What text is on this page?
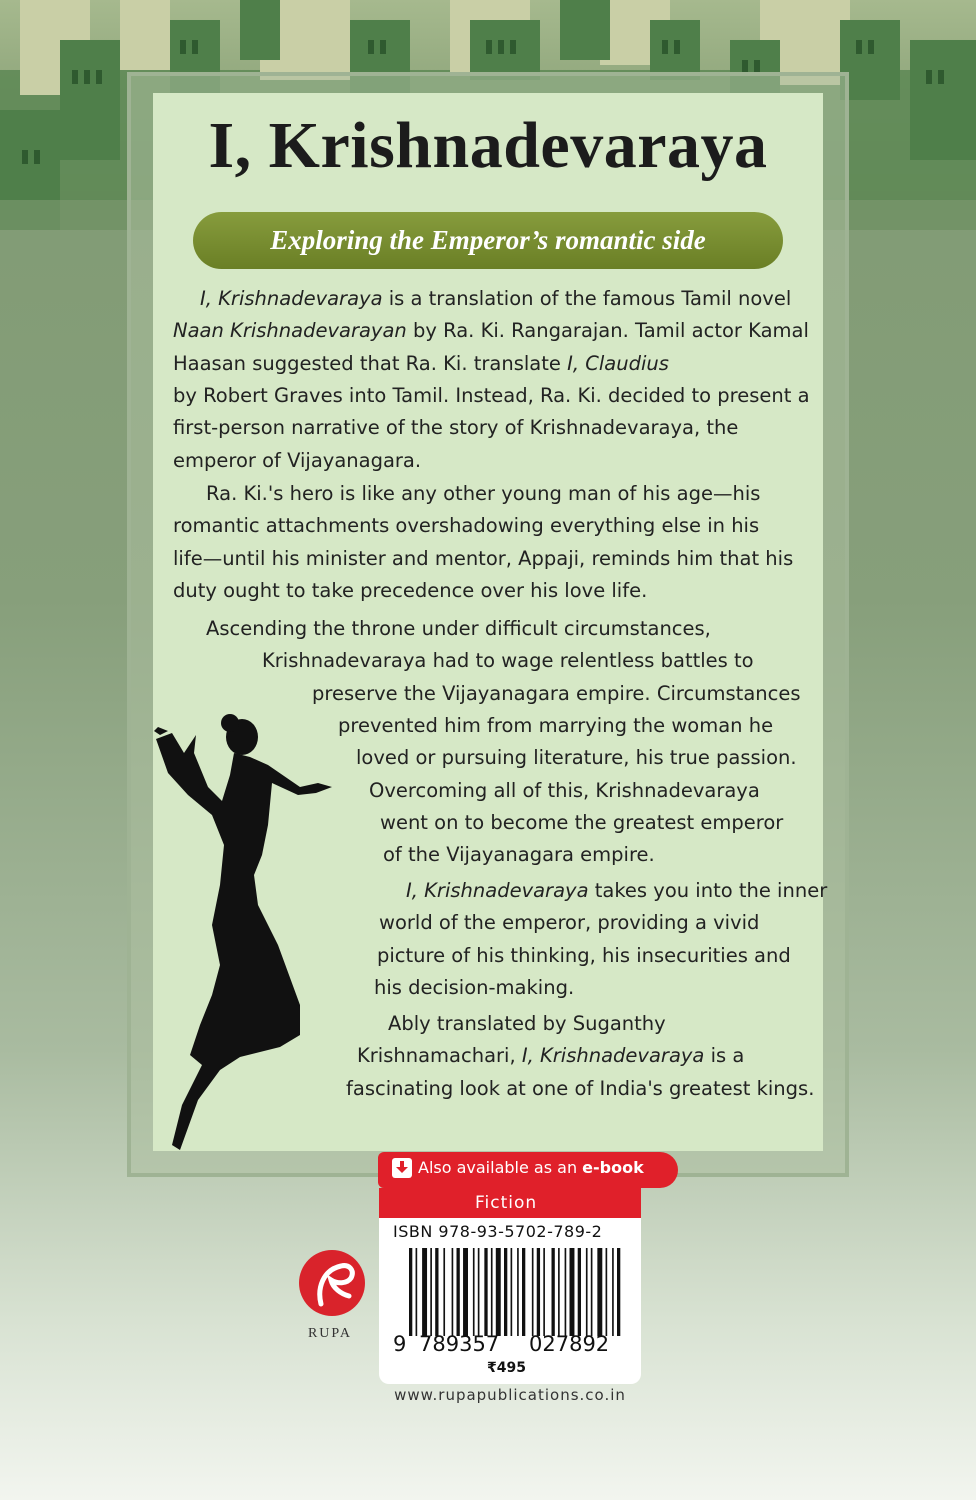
I, Krishnadevaraya
Exploring the Emperor’s romantic side
I, Krishnadevaraya is a translation of the famous Tamil novel
Naan Krishnadevarayan by Ra. Ki. Rangarajan. Tamil actor Kamal
Haasan suggested that Ra. Ki. translate I, Claudius
by Robert Graves into Tamil. Instead, Ra. Ki. decided to present a
first-person narrative of the story of Krishnadevaraya, the
emperor of Vijayanagara.
Ra. Ki.'s hero is like any other young man of his age—his
romantic attachments overshadowing everything else in his
life—until his minister and mentor, Appaji, reminds him that his
duty ought to take precedence over his love life.
Ascending the throne under difficult circumstances,
Krishnadevaraya had to wage relentless battles to
preserve the Vijayanagara empire. Circumstances
prevented him from marrying the woman he
loved or pursuing literature, his true passion.
Overcoming all of this, Krishnadevaraya
went on to become the greatest emperor
of the Vijayanagara empire.
I, Krishnadevaraya takes you into the inner
world of the emperor, providing a vivid
picture of his thinking, his insecurities and
his decision-making.
Ably translated by Suganthy
Krishnamachari, I, Krishnadevaraya is a
fascinating look at one of India's greatest kings.
Also available as an e-book
Fiction
ISBN 978-93-5702-789-2
9 789357 027892
₹495
www.rupapublications.co.in
RUPA
